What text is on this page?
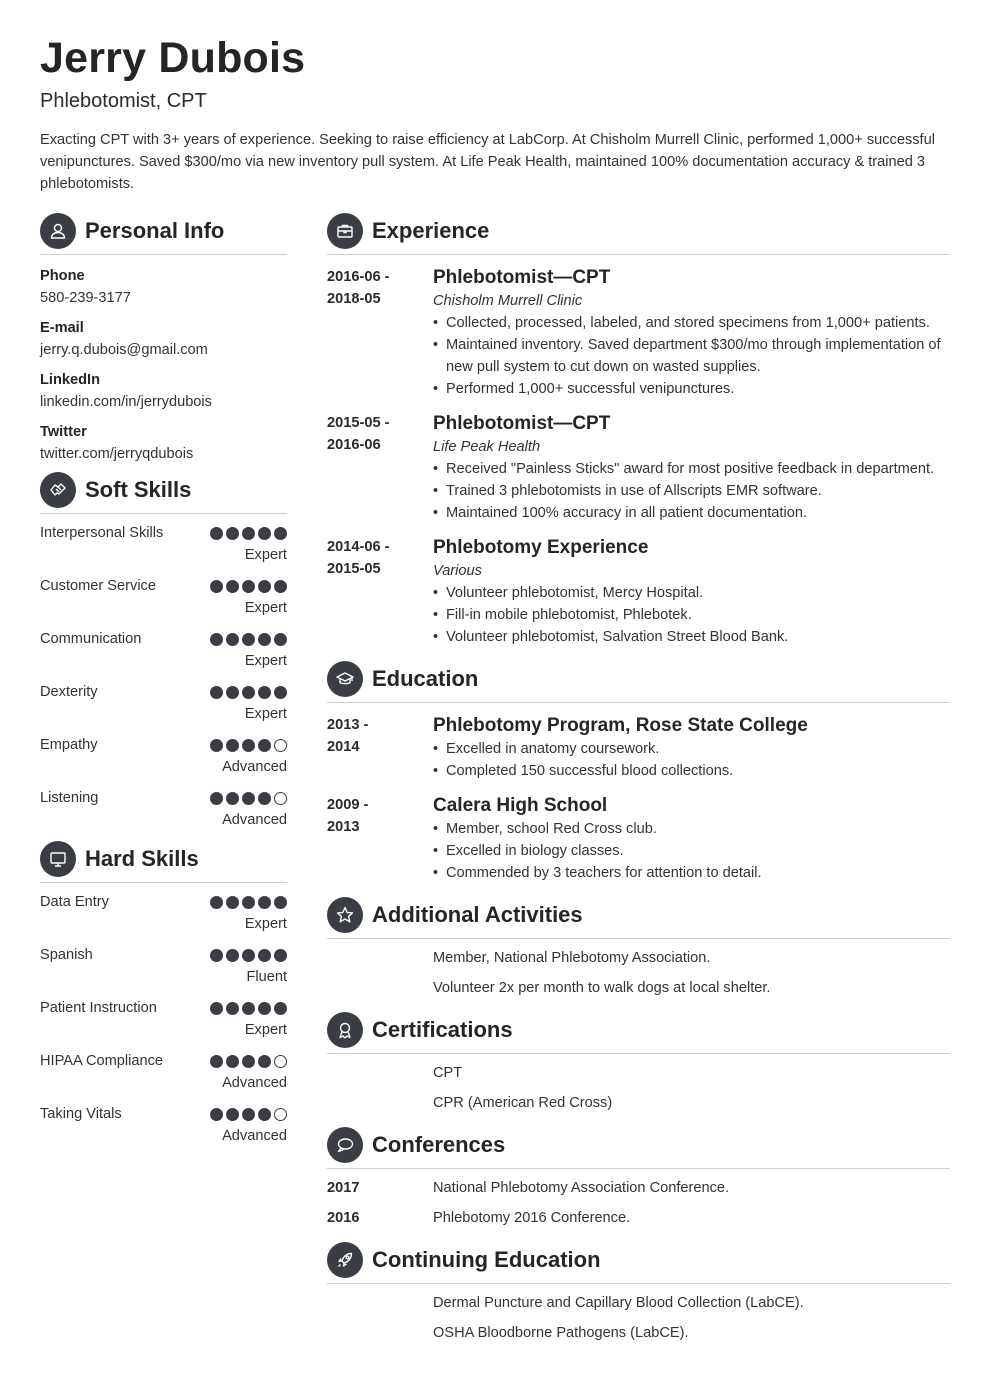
Jerry Dubois
Phlebotomist, CPT
Exacting CPT with 3+ years of experience. Seeking to raise efficiency at LabCorp. At Chisholm Murrell Clinic, performed 1,000+ successful venipunctures. Saved $300/mo via new inventory pull system. At Life Peak Health, maintained 100% documentation accuracy & trained 3 phlebotomists.
Personal Info
Phone
580-239-3177
E-mail
jerry.q.dubois@gmail.com
LinkedIn
linkedin.com/in/jerrydubois
Twitter
twitter.com/jerryqdubois
Soft Skills
Interpersonal Skills
Expert
Customer Service
Expert
Communication
Expert
Dexterity
Expert
Empathy
Advanced
Listening
Advanced
Hard Skills
Data Entry
Expert
Spanish
Fluent
Patient Instruction
Expert
HIPAA Compliance
Advanced
Taking Vitals
Advanced
Experience
2016-06 -
2018-05
Phlebotomist—CPT
Chisholm Murrell Clinic
• Collected, processed, labeled, and stored specimens from 1,000+ patients.
• Maintained inventory. Saved department $300/mo through implementation of new pull system to cut down on wasted supplies.
• Performed 1,000+ successful venipunctures.
2015-05 -
2016-06
Phlebotomist—CPT
Life Peak Health
• Received "Painless Sticks" award for most positive feedback in department.
• Trained 3 phlebotomists in use of Allscripts EMR software.
• Maintained 100% accuracy in all patient documentation.
2014-06 -
2015-05
Phlebotomy Experience
Various
• Volunteer phlebotomist, Mercy Hospital.
• Fill-in mobile phlebotomist, Phlebotek.
• Volunteer phlebotomist, Salvation Street Blood Bank.
Education
2013 -
2014
Phlebotomy Program, Rose State College
• Excelled in anatomy coursework.
• Completed 150 successful blood collections.
2009 -
2013
Calera High School
• Member, school Red Cross club.
• Excelled in biology classes.
• Commended by 3 teachers for attention to detail.
Additional Activities
Member, National Phlebotomy Association.
Volunteer 2x per month to walk dogs at local shelter.
Certifications
CPT
CPR (American Red Cross)
Conferences
2017	National Phlebotomy Association Conference.
2016	Phlebotomy 2016 Conference.
Continuing Education
Dermal Puncture and Capillary Blood Collection (LabCE).
OSHA Bloodborne Pathogens (LabCE).
